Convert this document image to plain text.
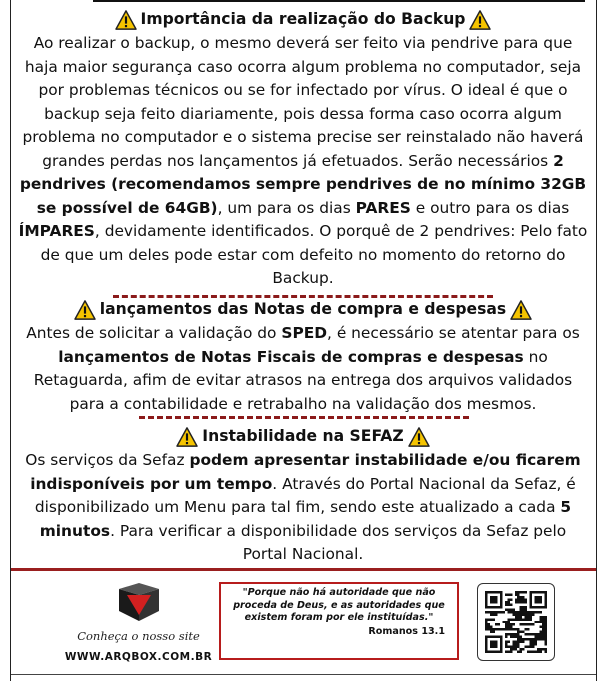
Importância da realização do Backup

Ao realizar o backup, o mesmo deverá ser feito via pendrive para que haja maior segurança caso ocorra algum problema no computador, seja por problemas técnicos ou se for infectado por vírus. O ideal é que o backup seja feito diariamente, pois dessa forma caso ocorra algum problema no computador e o sistema precise ser reinstalado não haverá grandes perdas nos lançamentos já efetuados. Serão necessários 2 pendrives (recomendamos sempre pendrives de no mínimo 32GB se possível de 64GB), um para os dias PARES e outro para os dias ÍMPARES, devidamente identificados. O porquê de 2 pendrives: Pelo fato de que um deles pode estar com defeito no momento do retorno do Backup.

lançamentos das Notas de compra e despesas

Antes de solicitar a validação do SPED, é necessário se atentar para os lançamentos de Notas Fiscais de compras e despesas no Retaguarda, afim de evitar atrasos na entrega dos arquivos validados para a contabilidade e retrabalho na validação dos mesmos.

Instabilidade na SEFAZ

Os serviços da Sefaz podem apresentar instabilidade e/ou ficarem indisponíveis por um tempo. Através do Portal Nacional da Sefaz, é disponibilizado um Menu para tal fim, sendo este atualizado a cada 5 minutos. Para verificar a disponibilidade dos serviços da Sefaz pelo Portal Nacional.

Conheça o nosso site
WWW.ARQBOX.COM.BR
"Porque não há autoridade que não proceda de Deus, e as autoridades que existem foram por ele instituídas."
Romanos 13.1
